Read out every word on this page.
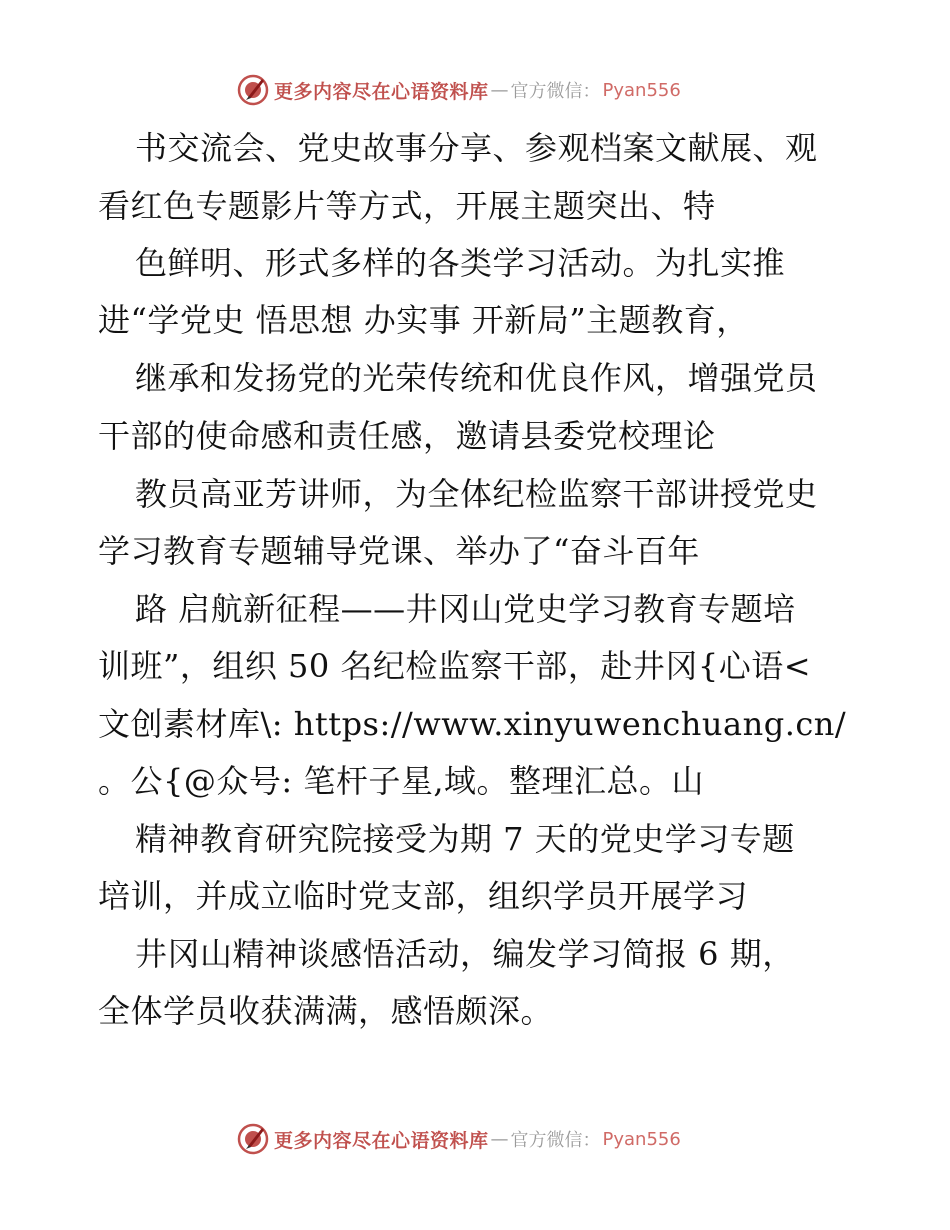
更多内容尽在心语资料库 — 官方微信： Pyan556
书交流会、党史故事分享、参观档案文献展、观
看红色专题影片等方式，开展主题突出、特
色鲜明、形式多样的各类学习活动。为扎实推
进“学党史 悟思想 办实事 开新局”主题教育，
继承和发扬党的光荣传统和优良作风，增强党员
干部的使命感和责任感，邀请县委党校理论
教员高亚芳讲师，为全体纪检监察干部讲授党史
学习教育专题辅导党课、举办了“奋斗百年
路 启航新征程——井冈山党史学习教育专题培
训班”，组织 50 名纪检监察干部，赴井冈{心语<
文创素材库\: https://www.xinyuwenchuang.cn/
。公{@众号: 笔杆子星,域。整理汇总。山
精神教育研究院接受为期 7 天的党史学习专题
培训，并成立临时党支部，组织学员开展学习
井冈山精神谈感悟活动，编发学习简报 6 期，
全体学员收获满满，感悟颇深。
更多内容尽在心语资料库 — 官方微信： Pyan556
